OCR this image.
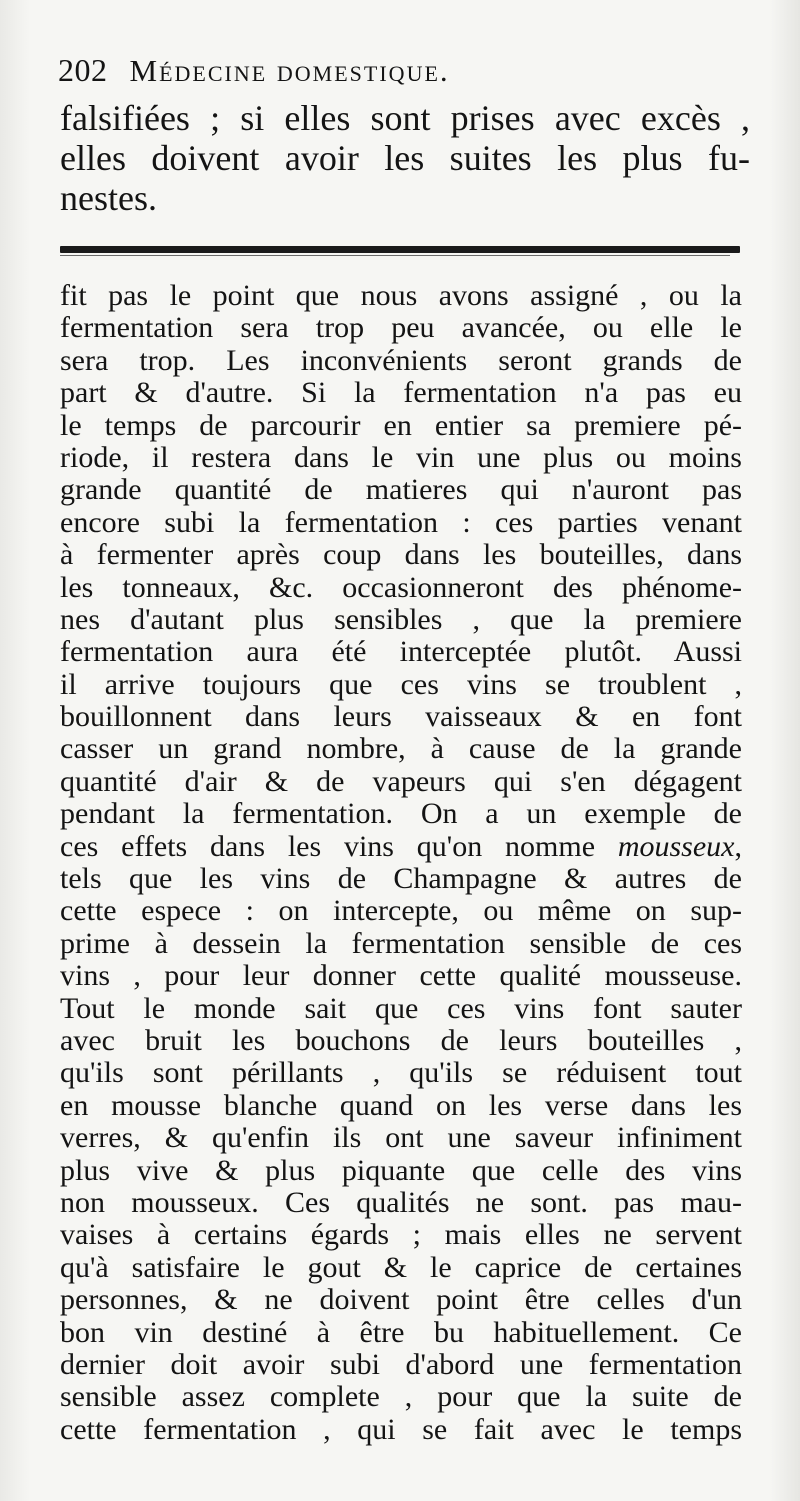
202 Médecine domestique.
falsifiées ; si elles sont prises avec excès ,
elles doivent avoir les suites les plus fu-
nestes.
fit pas le point que nous avons assigné , ou la
fermentation sera trop peu avancée, ou elle le
sera trop. Les inconvénients seront grands de
part & d'autre. Si la fermentation n'a pas eu
le temps de parcourir en entier sa premiere pé-
riode, il restera dans le vin une plus ou moins
grande quantité de matieres qui n'auront pas
encore subi la fermentation : ces parties venant
à fermenter après coup dans les bouteilles, dans
les tonneaux, &c. occasionneront des phénome-
nes d'autant plus sensibles , que la premiere
fermentation aura été interceptée plutôt. Aussi
il arrive toujours que ces vins se troublent ,
bouillonnent dans leurs vaisseaux & en font
casser un grand nombre, à cause de la grande
quantité d'air & de vapeurs qui s'en dégagent
pendant la fermentation. On a un exemple de
ces effets dans les vins qu'on nomme mousseux,
tels que les vins de Champagne & autres de
cette espece : on intercepte, ou même on sup-
prime à dessein la fermentation sensible de ces
vins , pour leur donner cette qualité mousseuse.
Tout le monde sait que ces vins font sauter
avec bruit les bouchons de leurs bouteilles ,
qu'ils sont périllants , qu'ils se réduisent tout
en mousse blanche quand on les verse dans les
verres, & qu'enfin ils ont une saveur infiniment
plus vive & plus piquante que celle des vins
non mousseux. Ces qualités ne sont. pas mau-
vaises à certains égards ; mais elles ne servent
qu'à satisfaire le gout & le caprice de certaines
personnes, & ne doivent point être celles d'un
bon vin destiné à être bu habituellement. Ce
dernier doit avoir subi d'abord une fermentation
sensible assez complete , pour que la suite de
cette fermentation , qui se fait avec le temps
